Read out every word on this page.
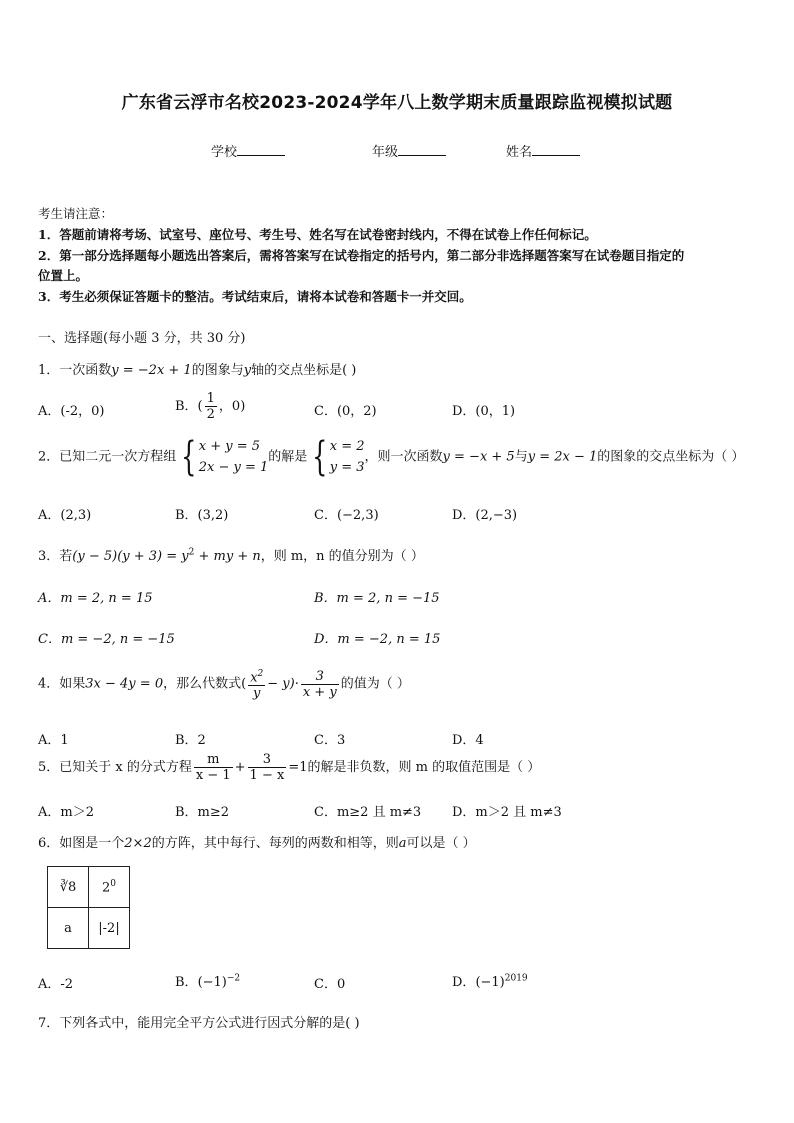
广东省云浮市名校2023-2024学年八上数学期末质量跟踪监视模拟试题
学校	年级	姓名
考生请注意：
1．答题前请将考场、试室号、座位号、考生号、姓名写在试卷密封线内，不得在试卷上作任何标记。
2．第一部分选择题每小题选出答案后，需将答案写在试卷指定的括号内，第二部分非选择题答案写在试卷题目指定的
位置上。
3．考生必须保证答题卡的整洁。考试结束后，请将本试卷和答题卡一并交回。
一、选择题(每小题 3 分，共 30 分)
1．一次函数y = −2x + 1的图象与y轴的交点坐标是( )
A．(-2，0)	B．( $\frac{1}{2}$ ，0)	C．(0，2)	D．(0，1)
2．已知二元一次方程组 { x + y = 5
2x − y = 1的解是 { x = 2
y = 3，则一次函数y = −x + 5与y = 2x − 1的图象的交点坐标为（ ）
A．(2,3)	B．(3,2)	C．(−2,3)	D．(2,−3)
3．若$(y - 5)(y + 3) = y^2$ + my + n，则 m，n 的值分别为（ ）
A．m = 2, n = 15	B．m = 2, n = −15
C．m = −2, n = −15	D．m = −2, n = 15
4．如果3x − 4y = 0，那么代数式( $\frac{x^2}{y} - y)\cdot \frac{3}{x + y}$ 的值为（ ）
A．1	B．2	C．3	D．4
5．已知关于 x 的分式方程 $\frac{m}{x - 1} + \frac{3}{1 - x} =1$的解是非负数，则 m 的取值范围是（ ）
A．m＞2	B．m≥2	C．m≥2 且 m≠3 D．m＞2 且 m≠3
6．如图是一个2×2的方阵，其中每行、每列的两数和相等，则a可以是（ ）
∛8	$2^0$
a	|-2|
A．-2	B．$(-1)^{-2}$	C．0	D．$(-1)^{2019}$
7．下列各式中，能用完全平方公式进行因式分解的是( )
